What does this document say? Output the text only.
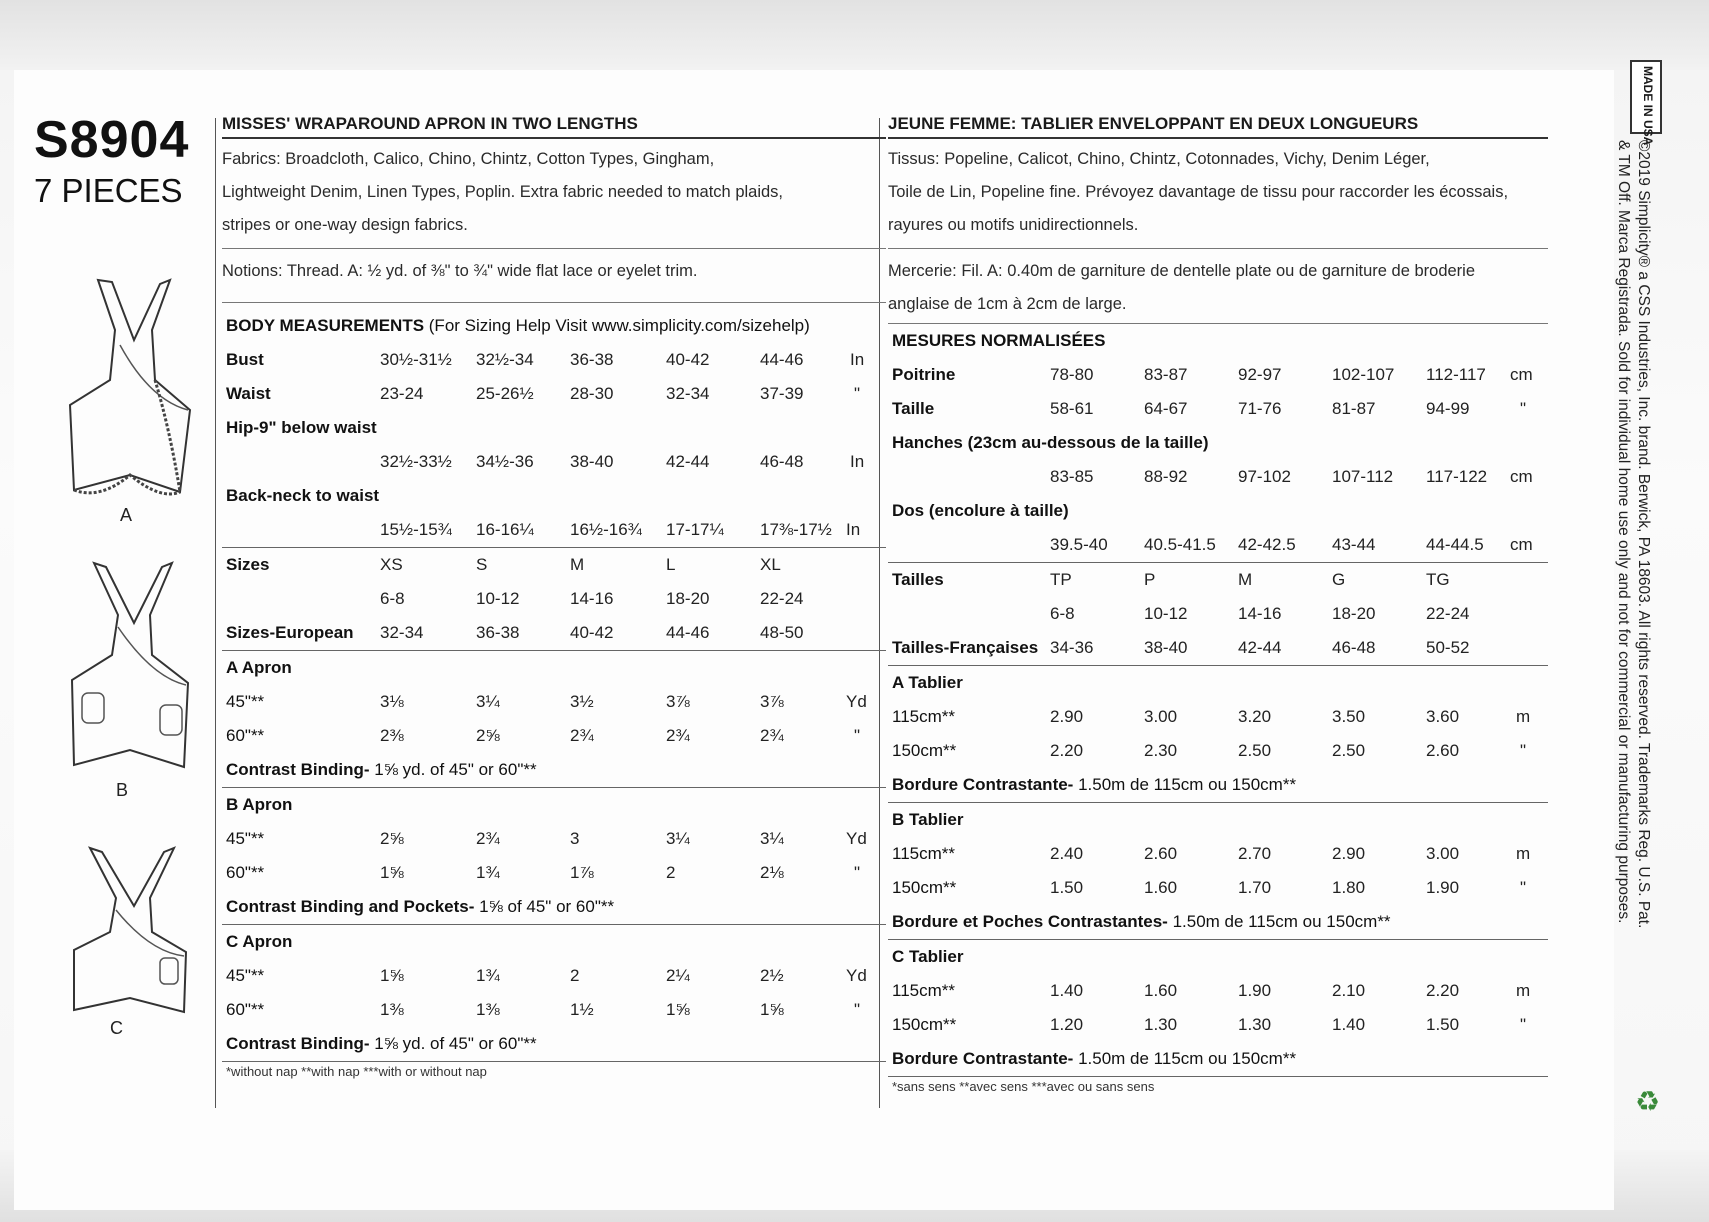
S8904
7 PIECES
A
B
C
MISSES' WRAPAROUND APRON IN TWO LENGTHS
Fabrics: Broadcloth, Calico, Chino, Chintz, Cotton Types, Gingham,
Lightweight Denim, Linen Types, Poplin. Extra fabric needed to match plaids,
stripes or one-way design fabrics.
Notions: Thread. A: ½ yd. of ⅜" to ¾" wide flat lace or eyelet trim.
BODY MEASUREMENTS (For Sizing Help Visit www.simplicity.com/sizehelp)
Bust	30½-31½ 32½-34 36-38	40-42	44-46	In
Waist	23-24	25-26½ 28-30	32-34	37-39	"
Hip-9" below waist
32½-33½ 34½-36 38-40	42-44	46-48	In
Back-neck to waist
15½-15¾ 16-16¼ 16½-16¾ 17-17¼ 17⅜-17½ In
Sizes	XS	S	M	L	XL
6-8	10-12	14-16	18-20	22-24
Sizes-European 32-34	36-38	40-42	44-46	48-50
A Apron
45"**	3⅛	3¼	3½	3⅞	3⅞	Yd
60"**	2⅜	2⅝	2¾	2¾	2¾	"
Contrast Binding- 1⅝ yd. of 45" or 60"**
B Apron
45"**	2⅝	2¾	3	3¼	3¼	Yd
60"**	1⅝	1¾	1⅞	2	2⅛	"
Contrast Binding and Pockets- 1⅝ of 45" or 60"**
C Apron
45"**	1⅝	1¾	2	2¼	2½	Yd
60"**	1⅜	1⅜	1½	1⅝	1⅝	"
Contrast Binding- 1⅝ yd. of 45" or 60"**
*without nap **with nap ***with or without nap
JEUNE FEMME: TABLIER ENVELOPPANT EN DEUX LONGUEURS
Tissus: Popeline, Calicot, Chino, Chintz, Cotonnades, Vichy, Denim Léger,
Toile de Lin, Popeline fine. Prévoyez davantage de tissu pour raccorder les écossais,
rayures ou motifs unidirectionnels.
Mercerie: Fil. A: 0.40m de garniture de dentelle plate ou de garniture de broderie
anglaise de 1cm à 2cm de large.
MESURES NORMALISÉES
Poitrine	78-80	83-87	92-97	102-107 112-117 cm
Taille	58-61	64-67	71-76	81-87	94-99	"
Hanches (23cm au-dessous de la taille)
83-85	88-92	97-102 107-112 117-122 cm
Dos (encolure à taille)
39.5-40 40.5-41.5 42-42.5 43-44	44-44.5 cm
Tailles	TP	P	M	G	TG
6-8	10-12	14-16	18-20	22-24
Tailles-Françaises 34-36	38-40	42-44	46-48	50-52
A Tablier
115cm**	2.90	3.00	3.20	3.50	3.60	m
150cm**	2.20	2.30	2.50	2.50	2.60	"
Bordure Contrastante- 1.50m de 115cm ou 150cm**
B Tablier
115cm**	2.40	2.60	2.70	2.90	3.00	m
150cm**	1.50	1.60	1.70	1.80	1.90	"
Bordure et Poches Contrastantes- 1.50m de 115cm ou 150cm**
C Tablier
115cm**	1.40	1.60	1.90	2.10	2.20	m
150cm**	1.20	1.30	1.30	1.40	1.50	"
Bordure Contrastante- 1.50m de 115cm ou 150cm**
*sans sens **avec sens ***avec ou sans sens
MADE IN USA
©2019 Simplicity® a CSS Industries, Inc. brand. Berwick, PA 18603. All rights reserved. Trademarks Reg. U.S. Pat.
& TM Off. Marca Registrada. Sold for individual home use only and not for commercial or manufacturing purposes.
♻
